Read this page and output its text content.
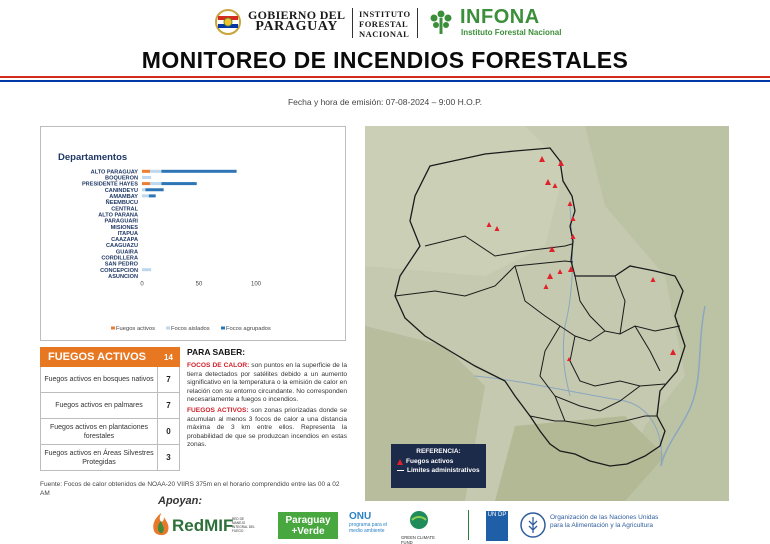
GOBIERNO DEL
PARAGUAY
INSTITUTO
FORESTAL
NACIONAL
INFONA
Instituto Forestal Nacional
MONITOREO DE INCENDIOS FORESTALES
Fecha y hora de emisión: 07-08-2024 – 9:00 H.O.P.
Departamentos
ALTO PARAGUAY
BOQUERON
PRESIDENTE HAYES
CANINDEYU
AMAMBAY
ÑEEMBUCU
CENTRAL
ALTO PARANA
PARAGUARI
MISIONES
ITAPUA
CAAZAPA
CAAGUAZU
GUAIRA
CORDILLERA
SAN PEDRO
CONCEPCION
ASUNCION
0	50	100
Fuegos activos	Focos aislados	Focos agrupados
FUEGOS ACTIVOS	14
Fuegos activos en bosques nativos	7
Fuegos activos en palmares	7
Fuegos activos en plantaciones forestales	0
Fuegos activos en Áreas Silvestres Protegidas	3
PARA SABER:

FOCOS DE CALOR: son puntos en la superficie de la tierra detectados por satélites debido a un aumento significativo en la temperatura o la emisión de calor en relación con su entorno circundante. No corresponden necesariamente a fuegos o incendios.

FUEGOS ACTIVOS: son zonas priorizadas donde se acumulan al menos 3 focos de calor a una distancia máxima de 3 km entre ellos. Representa la probabilidad de que se produzcan incendios en estas zonas.

Fuente: Focos de calor obtenidos de NOAA-20 VIIRS 375m en el horario comprendido entre las 00 a 02 AM
REFERENCIA:
Fuegos activos
Limites administrativos
Apoyan:
RedMIF
RED DE MANEJO INTEGRAL DEL FUEGO
Paraguay
+Verde
ONU
programa para el medio ambiente
GREEN CLIMATE FUND
UN DP	Organización de las Naciones Unidas para la Alimentación y la Agricultura
